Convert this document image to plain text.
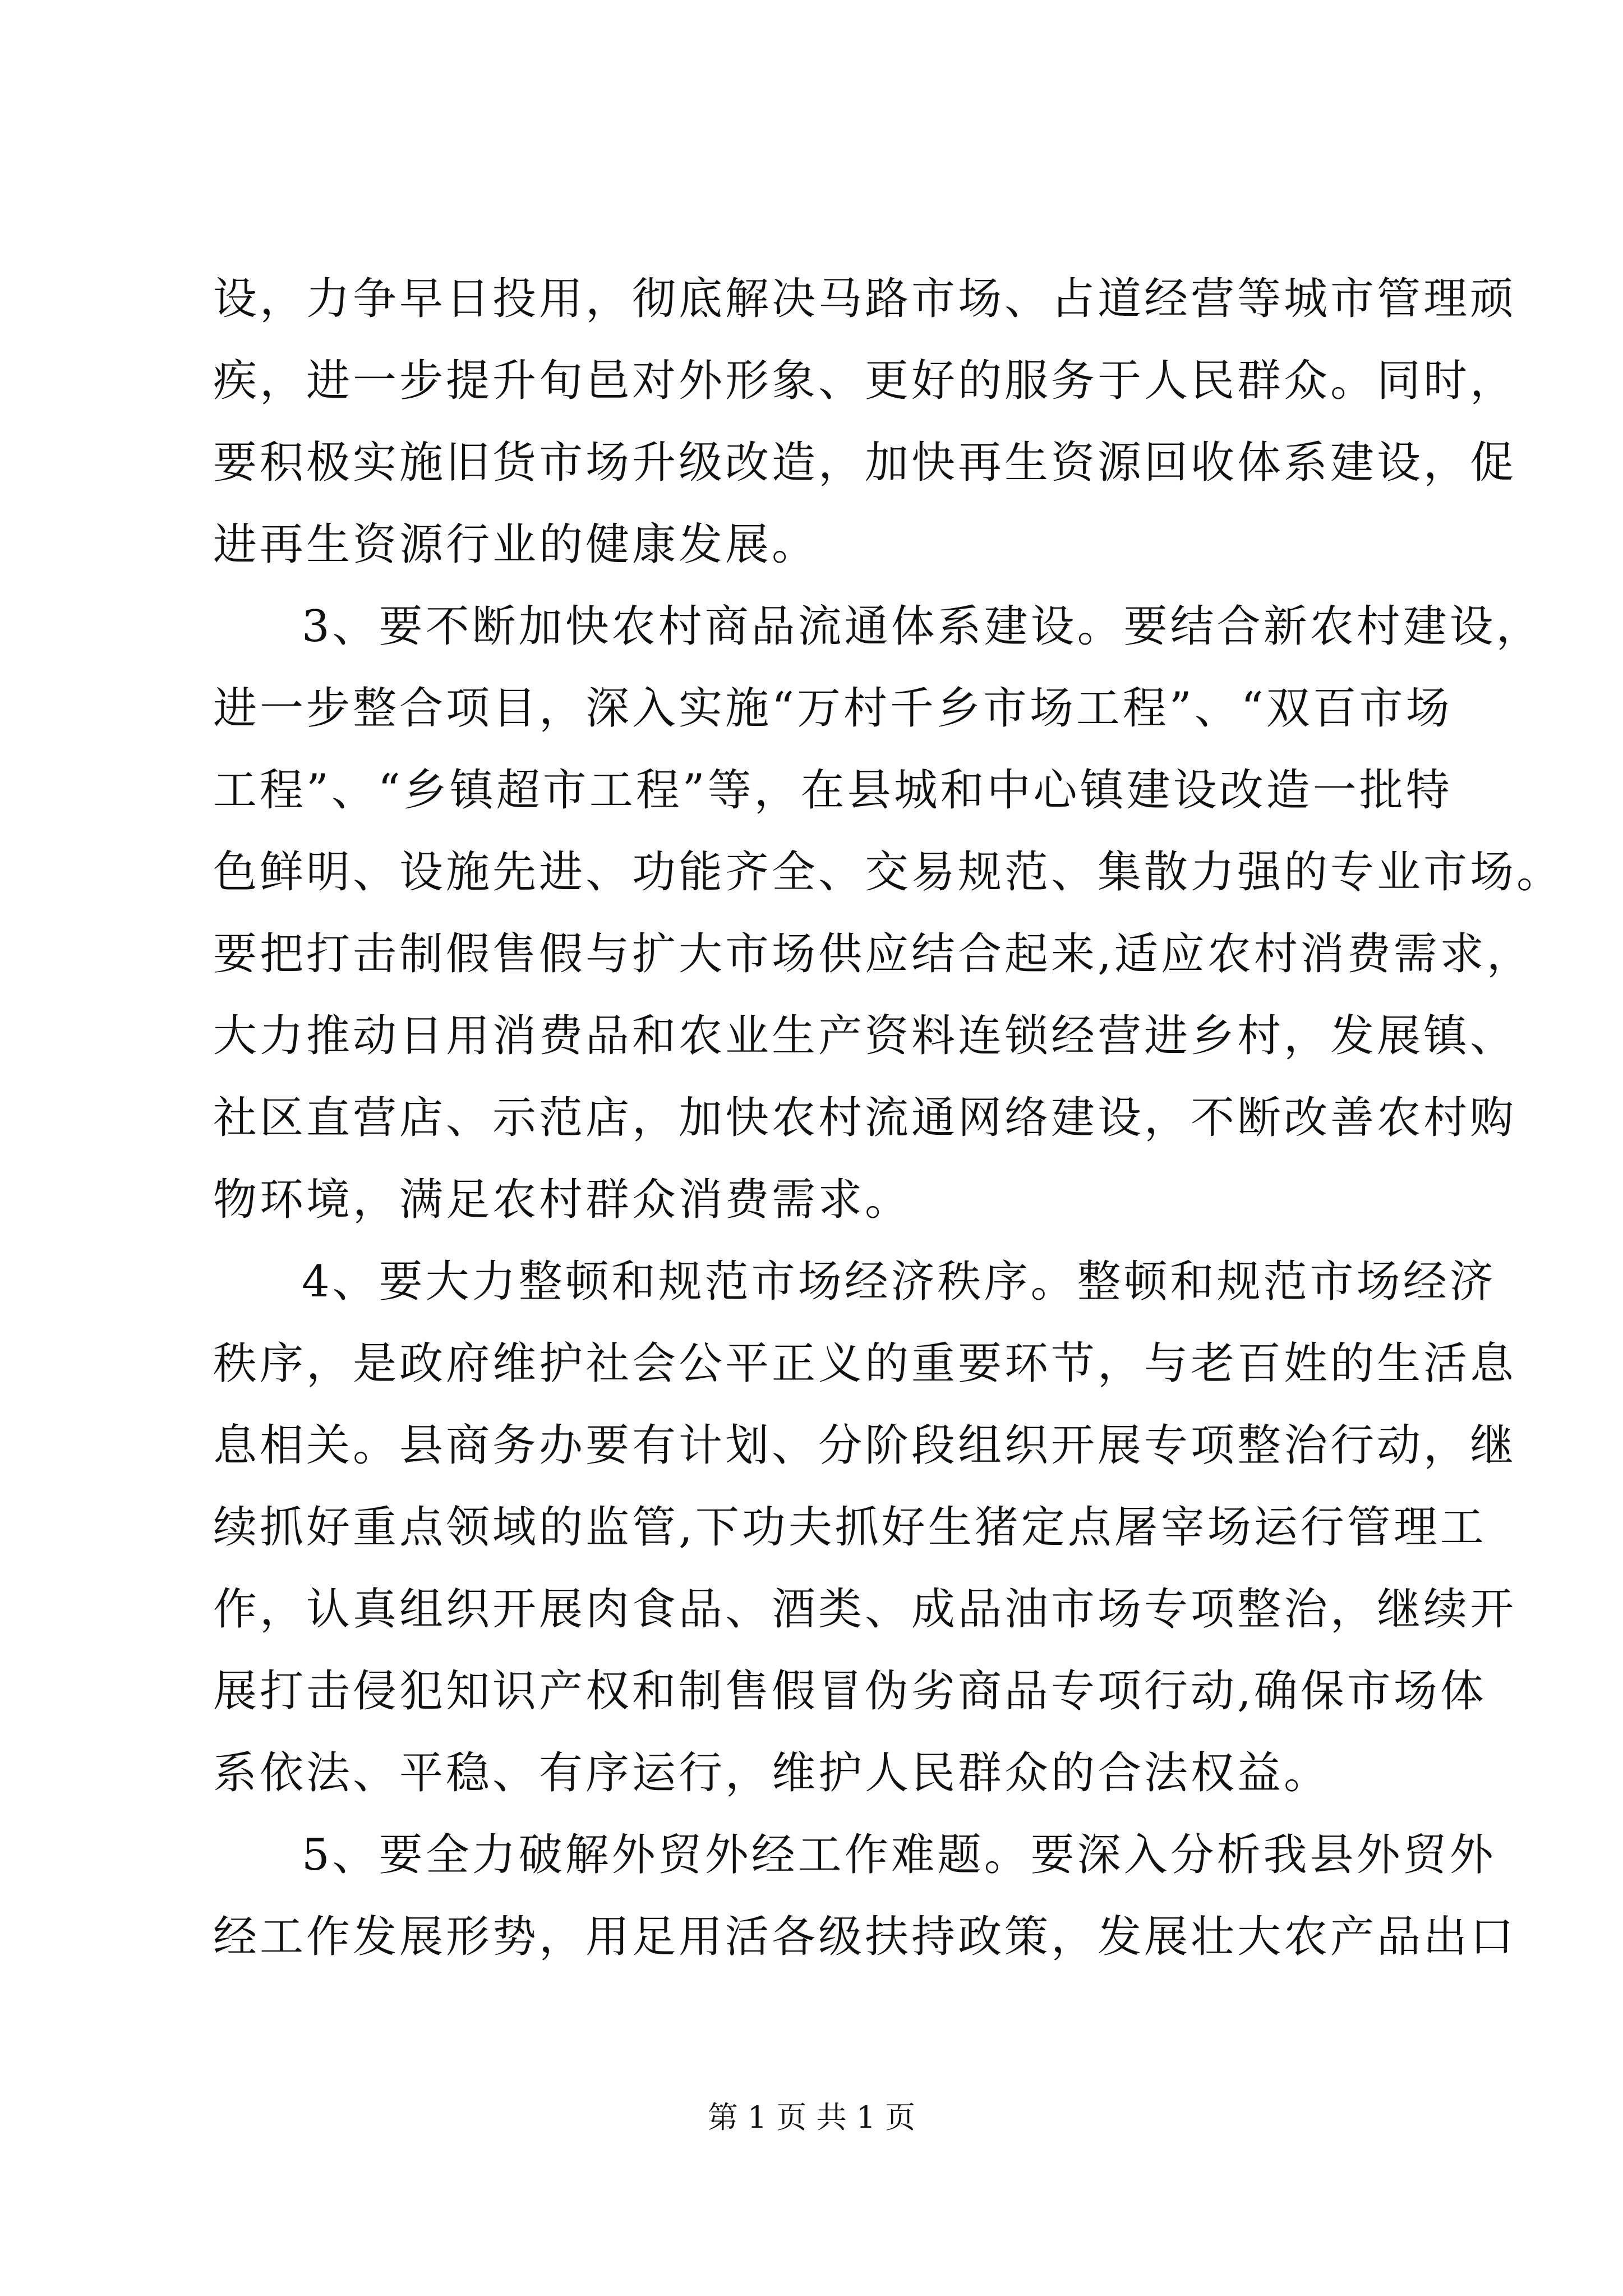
设，力争早日投用，彻底解决马路市场、占道经营等城市管理顽
疾，进一步提升旬邑对外形象、更好的服务于人民群众。同时，
要积极实施旧货市场升级改造，加快再生资源回收体系建设，促
进再生资源行业的健康发展。
3、要不断加快农村商品流通体系建设。要结合新农村建设，
进一步整合项目，深入实施“万村千乡市场工程”、“双百市场
工程”、“乡镇超市工程”等，在县城和中心镇建设改造一批特
色鲜明、设施先进、功能齐全、交易规范、集散力强的专业市场。
要把打击制假售假与扩大市场供应结合起来,适应农村消费需求，
大力推动日用消费品和农业生产资料连锁经营进乡村，发展镇、
社区直营店、示范店，加快农村流通网络建设，不断改善农村购
物环境，满足农村群众消费需求。
4、要大力整顿和规范市场经济秩序。整顿和规范市场经济
秩序，是政府维护社会公平正义的重要环节，与老百姓的生活息
息相关。县商务办要有计划、分阶段组织开展专项整治行动，继
续抓好重点领域的监管,下功夫抓好生猪定点屠宰场运行管理工
作，认真组织开展肉食品、酒类、成品油市场专项整治，继续开
展打击侵犯知识产权和制售假冒伪劣商品专项行动,确保市场体
系依法、平稳、有序运行，维护人民群众的合法权益。
5、要全力破解外贸外经工作难题。要深入分析我县外贸外
经工作发展形势，用足用活各级扶持政策，发展壮大农产品出口
第 1 页 共 1 页
